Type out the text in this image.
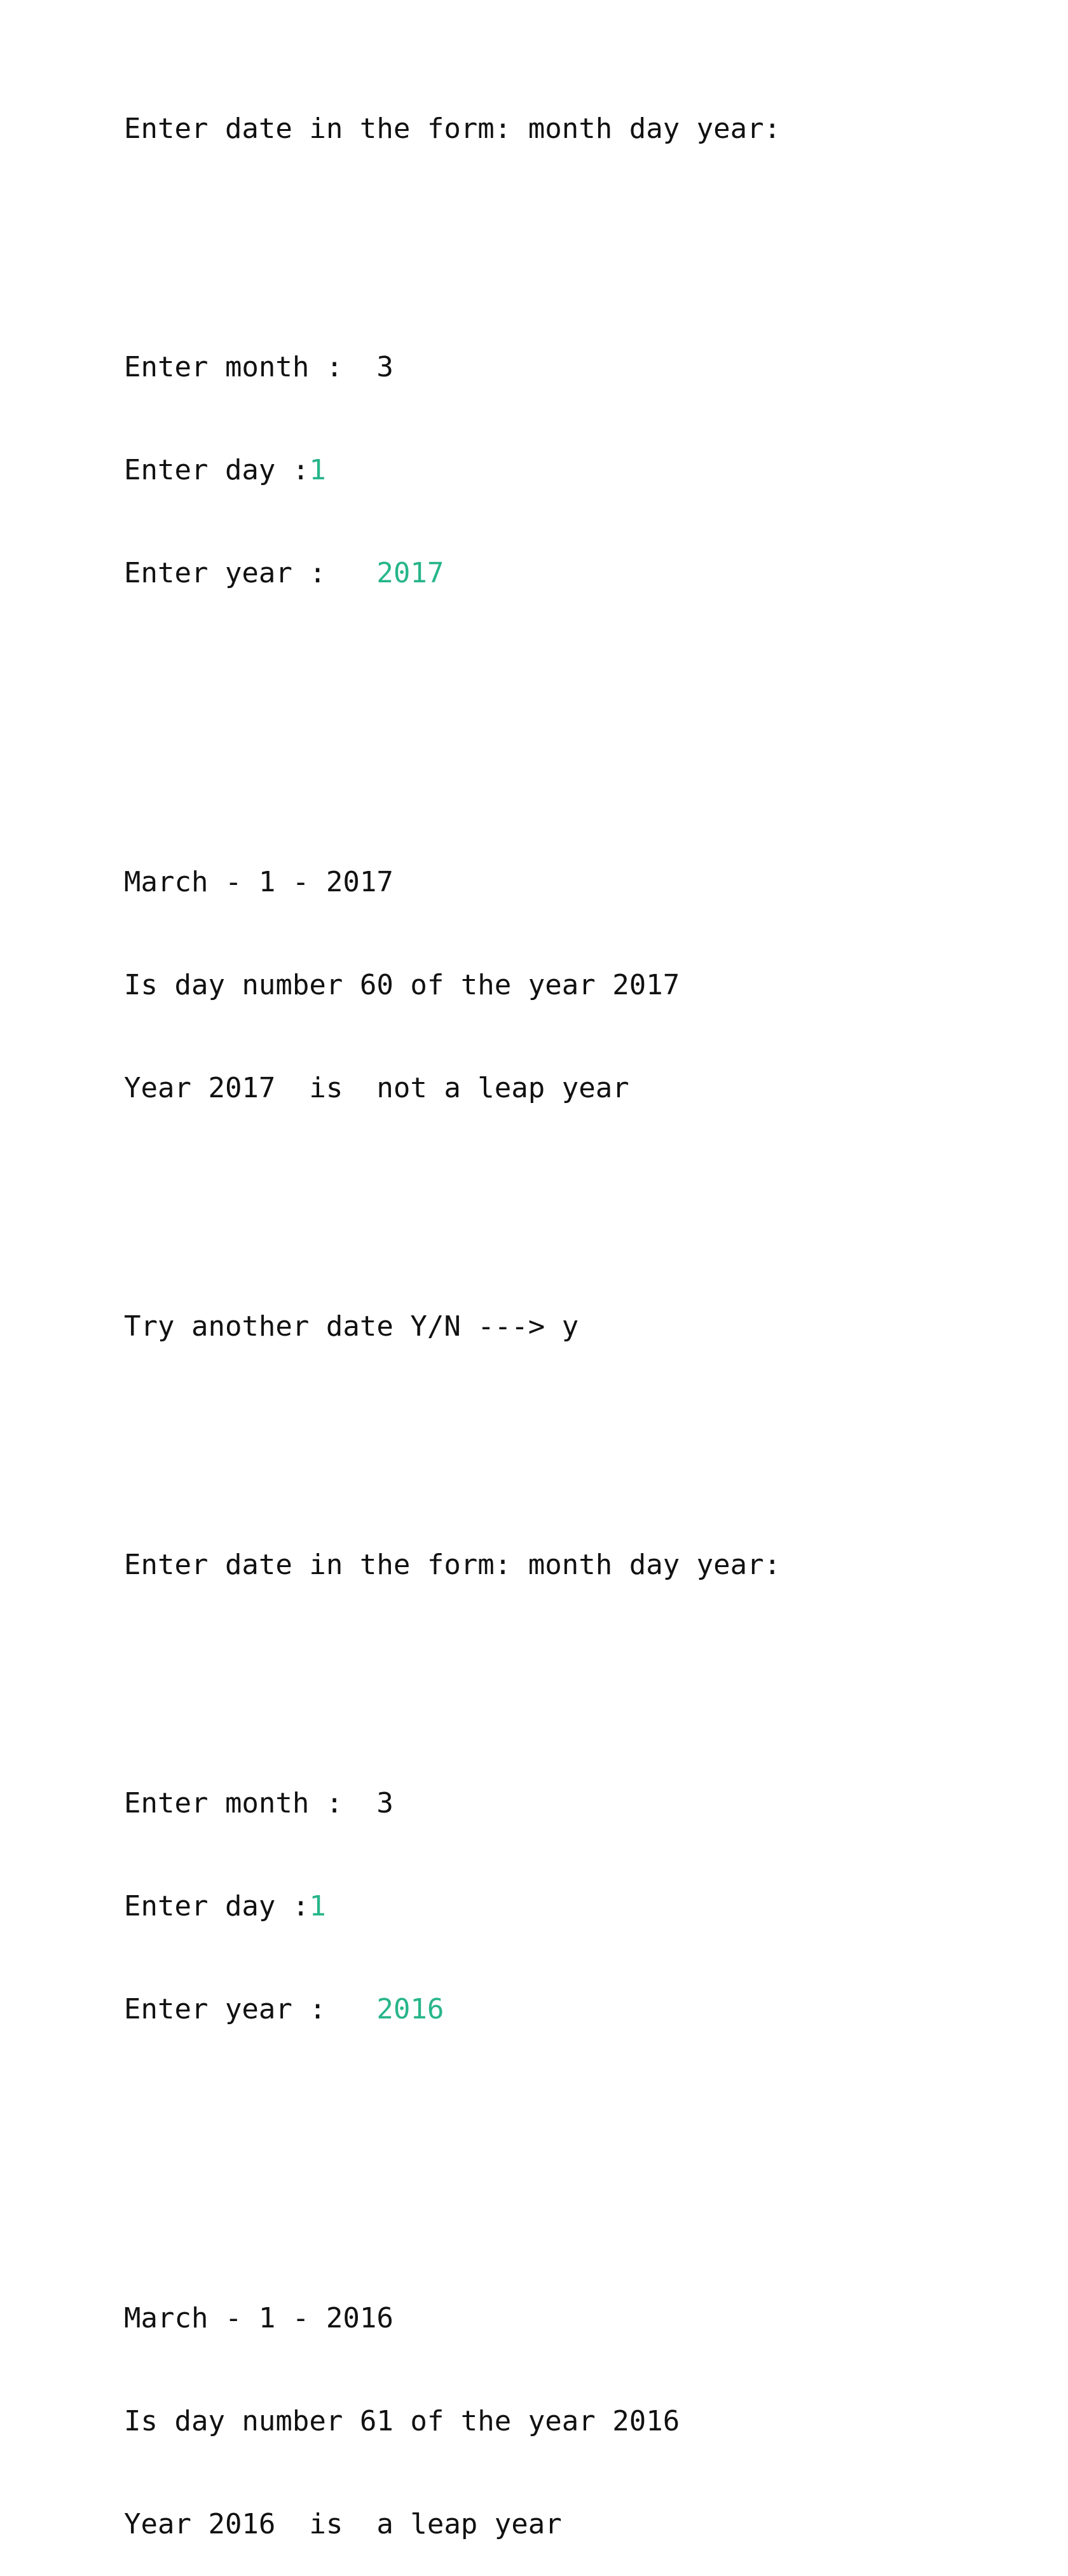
Enter date in the form: month day year:

Enter month :  3

Enter day :1

Enter year :   2017

March - 1 - 2017

Is day number 60 of the year 2017

Year 2017  is  not a leap year

Try another date Y/N ---> y

Enter date in the form: month day year:

Enter month :  3

Enter day :1

Enter year :   2016

March - 1 - 2016

Is day number 61 of the year 2016

Year 2016  is  a leap year
